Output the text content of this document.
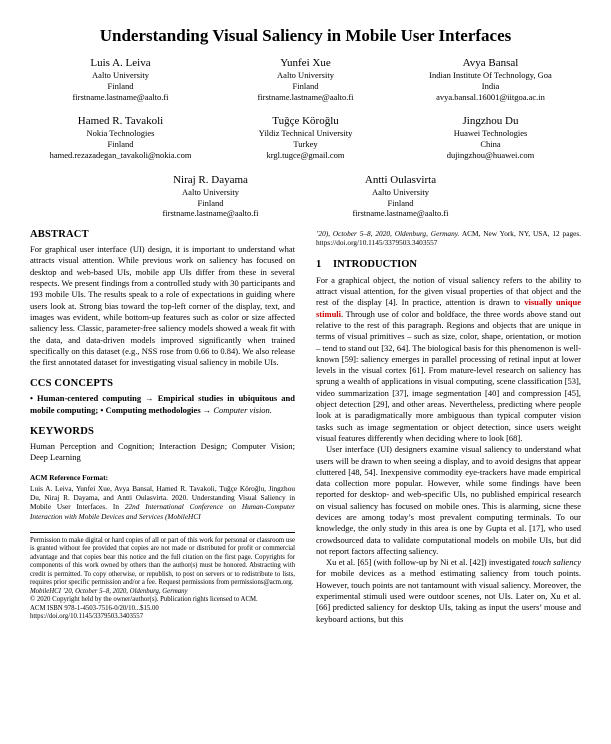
Understanding Visual Saliency in Mobile User Interfaces
Luis A. Leiva
Aalto University
Finland
firstname.lastname@aalto.fi
Yunfei Xue
Aalto University
Finland
firstname.lastname@aalto.fi
Avya Bansal
Indian Institute Of Technology, Goa
India
avya.bansal.16001@iitgoa.ac.in
Hamed R. Tavakoli
Nokia Technologies
Finland
hamed.rezazadegan_tavakoli@nokia.com
Tuğçe Köroğlu
Yildiz Technical University
Turkey
krgl.tugce@gmail.com
Jingzhou Du
Huawei Technologies
China
dujingzhou@huawei.com
Niraj R. Dayama
Aalto University
Finland
firstname.lastname@aalto.fi
Antti Oulasvirta
Aalto University
Finland
firstname.lastname@aalto.fi
ABSTRACT
For graphical user interface (UI) design, it is important to understand what attracts visual attention. While previous work on saliency has focused on desktop and web-based UIs, mobile app UIs differ from these in several respects. We present findings from a controlled study with 30 participants and 193 mobile UIs. The results speak to a role of expectations in guiding where users look at. Strong bias toward the top-left corner of the display, text, and images was evident, while bottom-up features such as color or size affected saliency less. Classic, parameter-free saliency models showed a weak fit with the data, and data-driven models improved significantly when trained specifically on this dataset (e.g., NSS rose from 0.66 to 0.84). We also release the first annotated dataset for investigating visual saliency in mobile UIs.
CCS CONCEPTS
• Human-centered computing → Empirical studies in ubiquitous and mobile computing; • Computing methodologies → Computer vision.
KEYWORDS
Human Perception and Cognition; Interaction Design; Computer Vision; Deep Learning
ACM Reference Format:
Luis A. Leiva, Yunfei Xue, Avya Bansal, Hamed R. Tavakoli, Tuğçe Köroğlu, Jingzhou Du, Niraj R. Dayama, and Antti Oulasvirta. 2020. Understanding Visual Saliency in Mobile User Interfaces. In 22nd International Conference on Human-Computer Interaction with Mobile Devices and Services (MobileHCI
Permission to make digital or hard copies of all or part of this work for personal or classroom use is granted without fee provided that copies are not made or distributed for profit or commercial advantage and that copies bear this notice and the full citation on the first page. Copyrights for components of this work owned by others than the author(s) must be honored. Abstracting with credit is permitted. To copy otherwise, or republish, to post on servers or to redistribute to lists, requires prior specific permission and/or a fee. Request permissions from permissions@acm.org.
MobileHCI ’20, October 5–8, 2020, Oldenburg, Germany
© 2020 Copyright held by the owner/author(s). Publication rights licensed to ACM.
ACM ISBN 978-1-4503-7516-0/20/10...$15.00
https://doi.org/10.1145/3379503.3403557
’20), October 5–8, 2020, Oldenburg, Germany. ACM, New York, NY, USA, 12 pages. https://doi.org/10.1145/3379503.3403557
1	INTRODUCTION

For a graphical object, the notion of visual saliency refers to the ability to attract visual attention, for the given visual properties of that object and the rest of the display [4]. In practice, attention is drawn to visually unique stimuli. Through use of color and boldface, the three words above stand out relative to the rest of this paragraph. Regions and objects that are unique in terms of visual primitives – such as size, color, shape, orientation, or motion – tend to stand out [32, 64]. The biological basis for this phenomenon is well-known [59]: saliency emerges in parallel processing of retinal input at lower levels in the visual cortex [61]. From mature-level research on saliency has sprung a wealth of applications in visual computing, scene classification [53], video summarization [37], image segmentation [40] and compression [45], object detection [29], and other areas. Nevertheless, predicting where people look at is paradigmatically more ambiguous than typical computer vision tasks such as image segmentation or object detection, since users weight visual features differently when deciding where to look [68].

User interface (UI) designers examine visual saliency to understand what users will be drawn to when seeing a display, and to avoid designs that appear cluttered [48, 54]. Inexpensive commodity eye-trackers have made empirical data collection more popular. However, while some findings have been reported for desktop- and web-specific UIs, no published empirical research on visual saliency has focused on mobile ones. This is alarming, sicne these devices are among today’s most prevalent computing terminals. To our knowledge, the only study in this area is one by Gupta et al. [17], who used crowdsourced data to validate computational models on mobile UIs, but did not report factors affecting saliency.

Xu et al. [65] (with follow-up by Ni et al. [42]) investigated touch saliency for mobile devices as a method estimating saliency from touch points. However, touch points are not tantamount with visual saliency. Moreover, the experimental stimuli used were outdoor scenes, not UIs. Later on, Xu et al. [66] predicted saliency for desktop UIs, taking as input the users’ mouse and keyboard actions, but this
